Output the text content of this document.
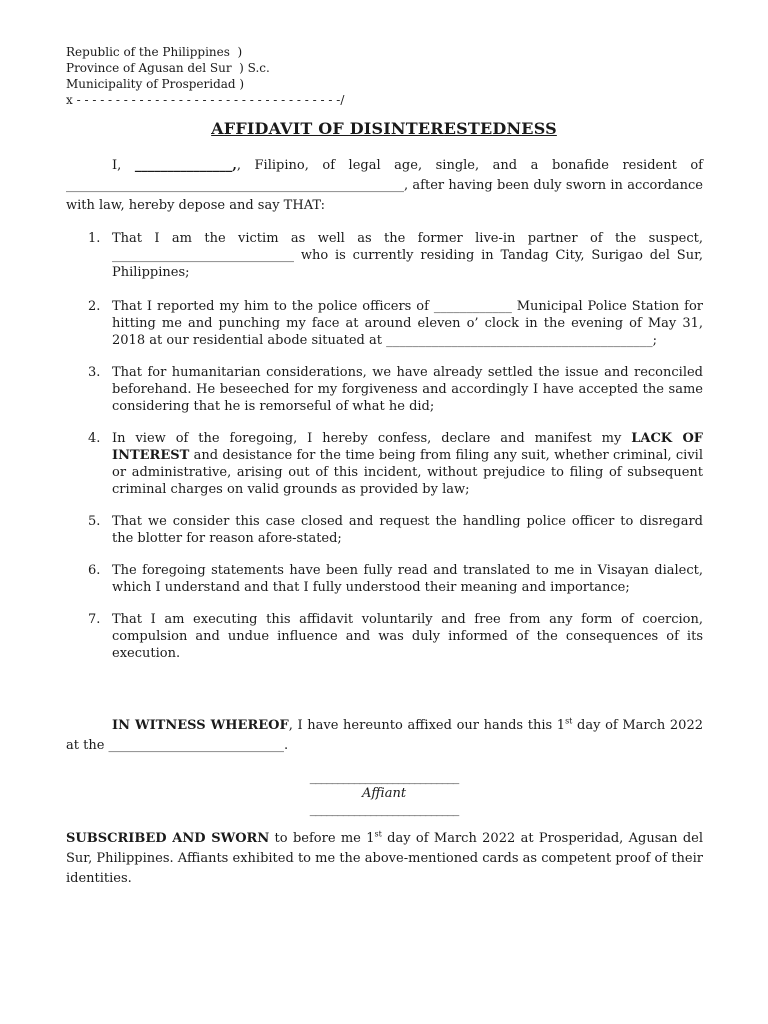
Republic of the Philippines  )
Province of Agusan del Sur  ) S.c.
Municipality of Prosperidad )
x - - - - - - - - - - - - - - - - - - - - - - - - - - - - - - - - - -/
AFFIDAVIT OF DISINTERESTEDNESS
I, _______________,, Filipino, of legal age, single, and a bonafide resident of ____________________________________________________, after having been duly sworn in accordance with law, hereby depose and say THAT:
1. That I am the victim as well as the former live-in partner of the suspect, ____________________________ who is currently residing in Tandag City, Surigao del Sur, Philippines;
2. That I reported my him to the police officers of ____________ Municipal Police Station for hitting me and punching my face at around eleven o’ clock in the evening of May 31, 2018 at our residential abode situated at _________________________________________;
3. That for humanitarian considerations, we have already settled the issue and reconciled beforehand. He beseeched for my forgiveness and accordingly I have accepted the same considering that he is remorseful of what he did;
4. In view of the foregoing, I hereby confess, declare and manifest my LACK OF INTEREST and desistance for the time being from filing any suit, whether criminal, civil or administrative, arising out of this incident, without prejudice to filing of subsequent criminal charges on valid grounds as provided by law;
5. That we consider this case closed and request the handling police officer to disregard the blotter for reason afore-stated;
6. The foregoing statements have been fully read and translated to me in Visayan dialect, which I understand and that I fully understood their meaning and importance;
7. That I am executing this affidavit voluntarily and free from any form of coercion, compulsion and undue influence and was duly informed of the consequences of its execution.
IN WITNESS WHEREOF, I have hereunto affixed our hands this 1st day of March 2022 at the ___________________________.
___________________________
Affiant
___________________________
SUBSCRIBED AND SWORN to before me 1st day of March 2022 at Prosperidad, Agusan del Sur, Philippines. Affiants exhibited to me the above-mentioned cards as competent proof of their identities.
